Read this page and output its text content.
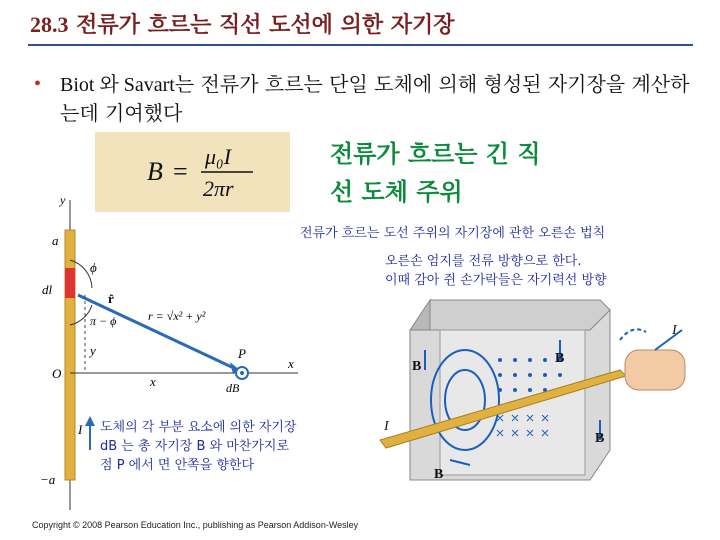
28.3 전류가 흐르는 직선 도선에 의한 자기장
• Biot 와 Savart는 전류가 흐르는 단일 도체에 의해 형성된 자기장을 계산하는데 기여했다
B =
μ₀I
2πr
전류가 흐르는 긴 직
선 도체 주위
전류가 흐르는 도선 주위의 자기장에 관한 오른손 법칙
오른손 엄지를 전류 방향으로 한다.
이때 감아 쥔 손가락들은 자기력선 방향
y
a
−a
O
x
dl
ϕ
r̂
r = √x² + y²
π − ϕ
y
x
P
dB
I 도체의 각 부분 요소에 의한 자기장
dB 는 총 자기장 B 와 마찬가지로
점 P 에서 면 안쪽을 향한다
B
B
B
B
I
I
Copyright © 2008 Pearson Education Inc., publishing as Pearson Addison-Wesley
